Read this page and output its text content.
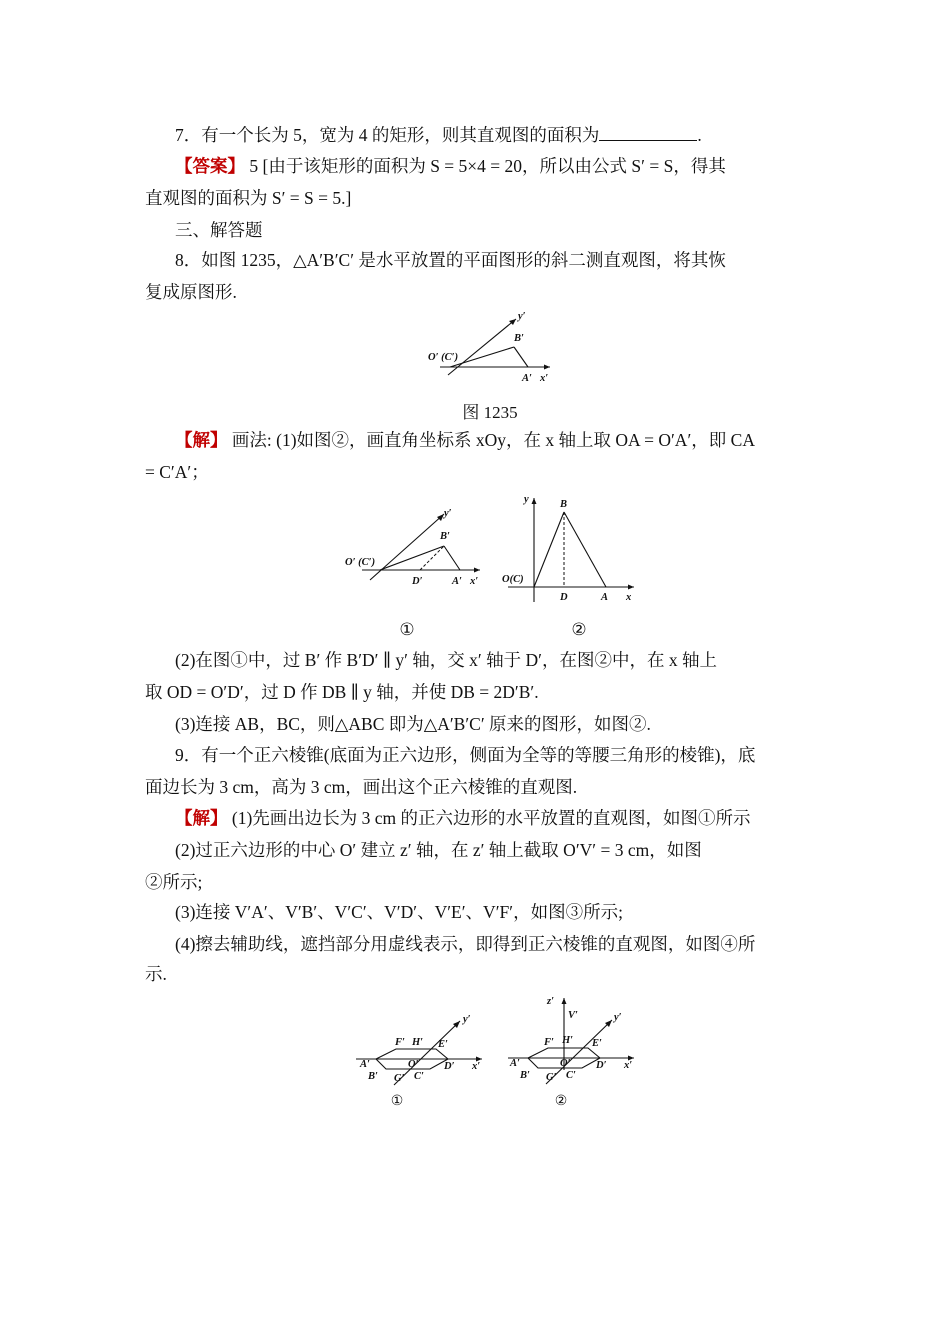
7．有一个长为 5，宽为 4 的矩形，则其直观图的面积为	.
【答案】 5 [由于该矩形的面积为 S = 5×4 = 20，所以由公式 S′ = S，得其
直观图的面积为 S′ = S = 5.]
三、解答题
8．如图 1235，△A′B′C′ 是水平放置的平面图形的斜二测直观图，将其恢
复成原图形.
O′ (C′)
B′
A′ x′
y′
图 1235
【解】 画法: (1)如图②，画直角坐标系 xOy，在 x 轴上取 OA = O′A′，即 CA
= C′A′；
O′ (C′)
B′
D′	A′ x′
y′
y	B
O(C)
D	A x
①	②
(2)在图①中，过 B′ 作 B′D′ ∥ y′ 轴，交 x′ 轴于 D′，在图②中，在 x 轴上
取 OD = O′D′，过 D 作 DB ∥ y 轴，并使 DB = 2D′B′.
(3)连接 AB，BC，则△ABC 即为△A′B′C′ 原来的图形，如图②.
9．有一个正六棱锥(底面为正六边形，侧面为全等的等腰三角形的棱锥)，底
面边长为 3 cm，高为 3 cm，画出这个正六棱锥的直观图.
【解】 (1)先画出边长为 3 cm 的正六边形的水平放置的直观图，如图①所示
(2)过正六边形的中心 O′ 建立 z′ 轴，在 z′ 轴上截取 O′V′ = 3 cm，如图
②所示;
(3)连接 V′A′、V′B′、V′C′、V′D′、V′E′、V′F′，如图③所示;
(4)擦去辅助线，遮挡部分用虚线表示，即得到正六棱锥的直观图，如图④所
示.
y′
F′ H′ E′
A′	O′ D′ x′
B′ G′ C′
①
z′
V′	y′
F′ H′ E′
A′	O′ D′ x′
B′ G′ C′
②
